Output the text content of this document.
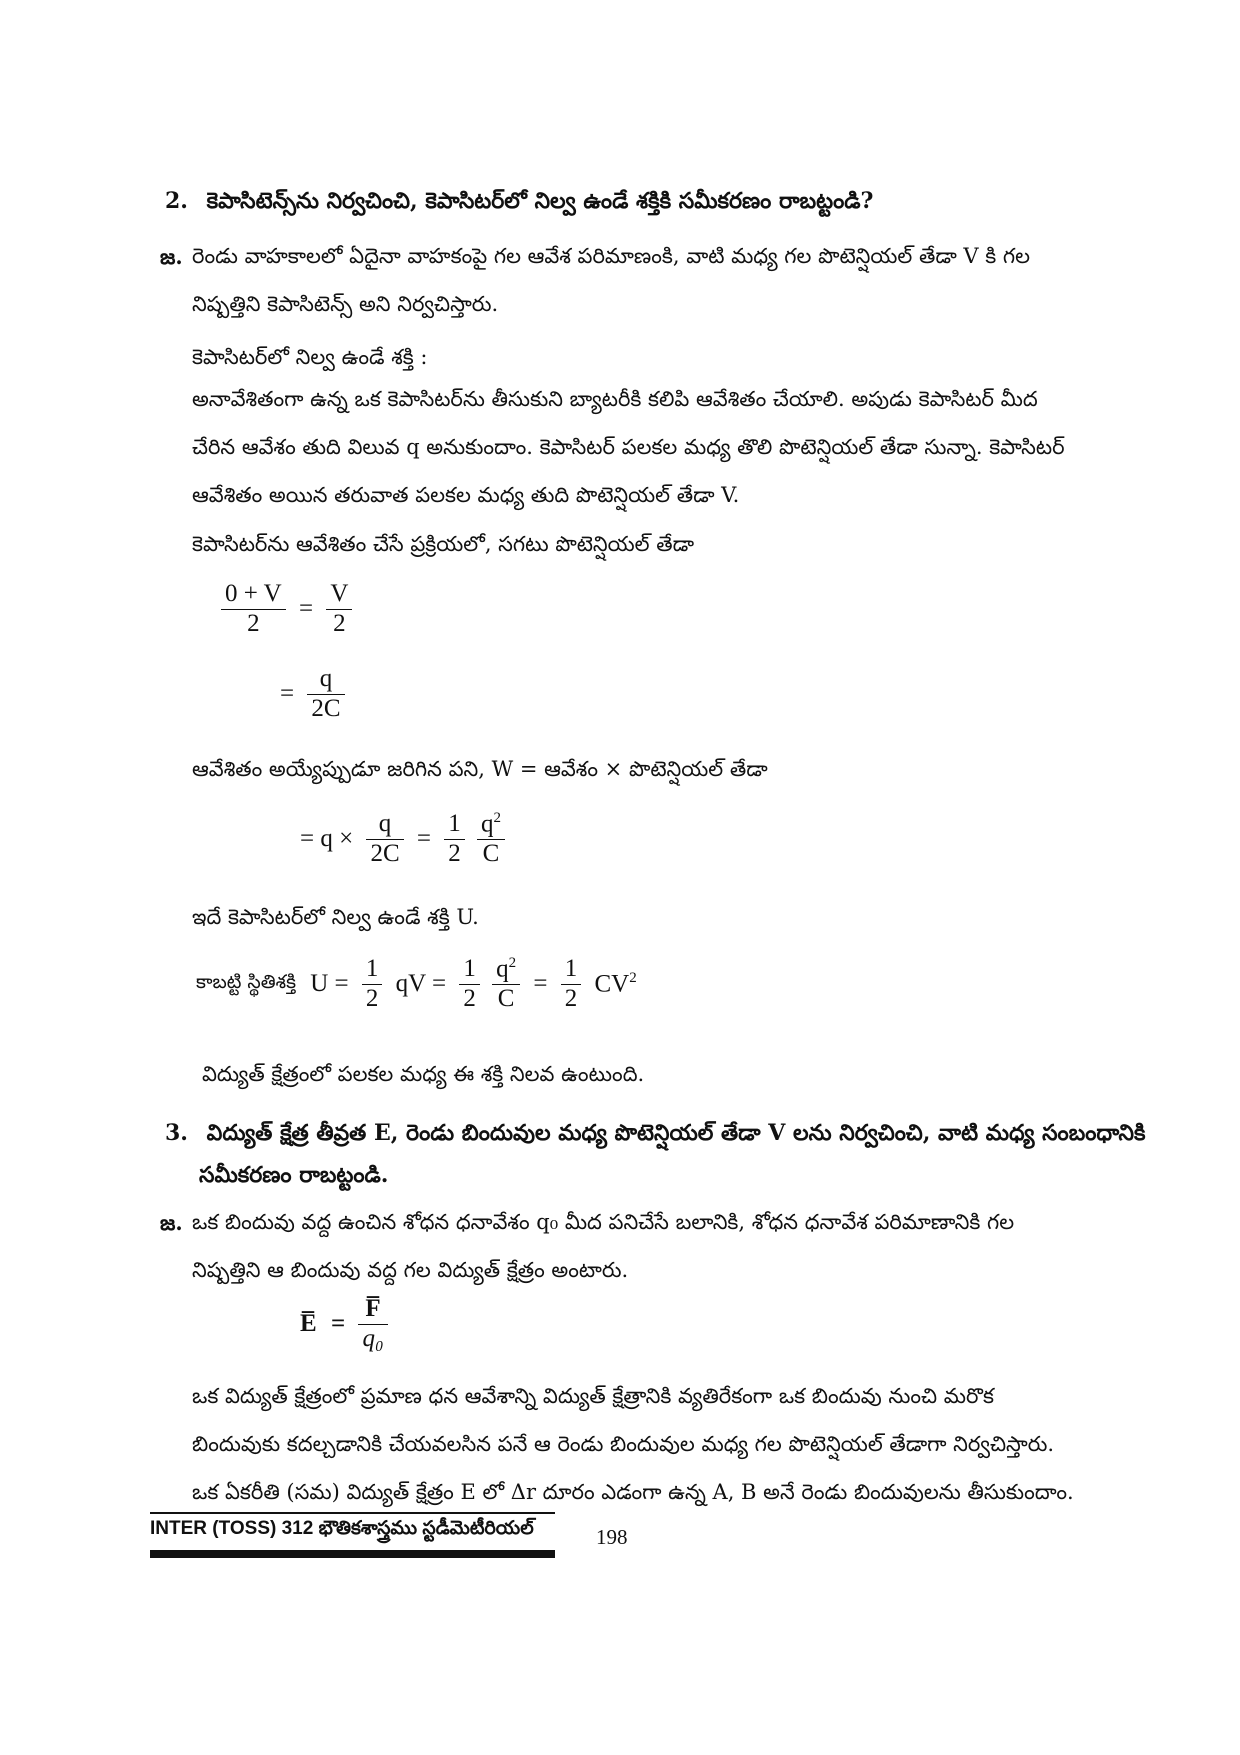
2. కెపాసిటెన్స్‌ను నిర్వచించి, కెపాసిటర్‌లో నిల్వ ఉండే శక్తికి సమీకరణం రాబట్టండి?
జ. రెండు వాహకాలలో ఏదైనా వాహకంపై గల ఆవేశ పరిమాణంకి, వాటి మధ్య గల పొటెన్షియల్ తేడా V కి గల
నిష్పత్తిని కెపాసిటెన్స్ అని నిర్వచిస్తారు.
కెపాసిటర్‌లో నిల్వ ఉండే శక్తి :
అనావేశితంగా ఉన్న ఒక కెపాసిటర్‌ను తీసుకుని బ్యాటరీకి కలిపి ఆవేశితం చేయాలి. అపుడు కెపాసిటర్ మీద
చేరిన ఆవేశం తుది విలువ q అనుకుందాం. కెపాసిటర్ పలకల మధ్య తొలి పొటెన్షియల్ తేడా సున్నా. కెపాసిటర్
ఆవేశితం అయిన తరువాత పలకల మధ్య తుది పొటెన్షియల్ తేడా V.
కెపాసిటర్‌ను ఆవేశితం చేసే ప్రక్రియలో, సగటు పొటెన్షియల్ తేడా
$\frac{0 + V}{2} = \frac{V}{2}$
= $\frac{q}{2C}$
ఆవేశితం అయ్యేప్పుడూ జరిగిన పని, W = ఆవేశం × పొటెన్షియల్ తేడా
= $q \times \frac{q}{2C} = \frac{1}{2}$
$\frac{q^2}{C}$
ఇదే కెపాసిటర్‌లో నిల్వ ఉండే శక్తి U.
కాబట్టి స్థితిశక్తి $U = \frac{1}{2}$ qV = $\frac{1}{2}$
$\frac{q^2}{C} = \frac{1}{2} CV^2$
విద్యుత్ క్షేత్రంలో పలకల మధ్య ఈ శక్తి నిలవ ఉంటుంది.
3. విద్యుత్ క్షేత్ర తీవ్రత E, రెండు బిందువుల మధ్య పొటెన్షియల్ తేడా V లను నిర్వచించి, వాటి మధ్య సంబంధానికి
సమీకరణం రాబట్టండి.
జ. ఒక బిందువు వద్ద ఉంచిన శోధన ధనావేశం q₀ మీద పనిచేసే బలానికి, శోధన ధనావేశ పరిమాణానికి గల
నిష్పత్తిని ఆ బిందువు వద్ద గల విద్యుత్ క్షేత్రం అంటారు.
E̅ = $\frac{F̅}{\text{q₀}}$
ఒక విద్యుత్ క్షేత్రంలో ప్రమాణ ధన ఆవేశాన్ని విద్యుత్ క్షేత్రానికి వ్యతిరేకంగా ఒక బిందువు నుంచి మరొక
బిందువుకు కదల్చడానికి చేయవలసిన పనే ఆ రెండు బిందువుల మధ్య గల పొటెన్షియల్ తేడాగా నిర్వచిస్తారు.
ఒక ఏకరీతి (సమ) విద్యుత్ క్షేత్రం E లో Δr దూరం ఎడంగా ఉన్న A, B అనే రెండు బిందువులను తీసుకుందాం.
INTER (TOSS) 312 భౌతికశాస్త్రము స్టడీమెటీరియల్	198
